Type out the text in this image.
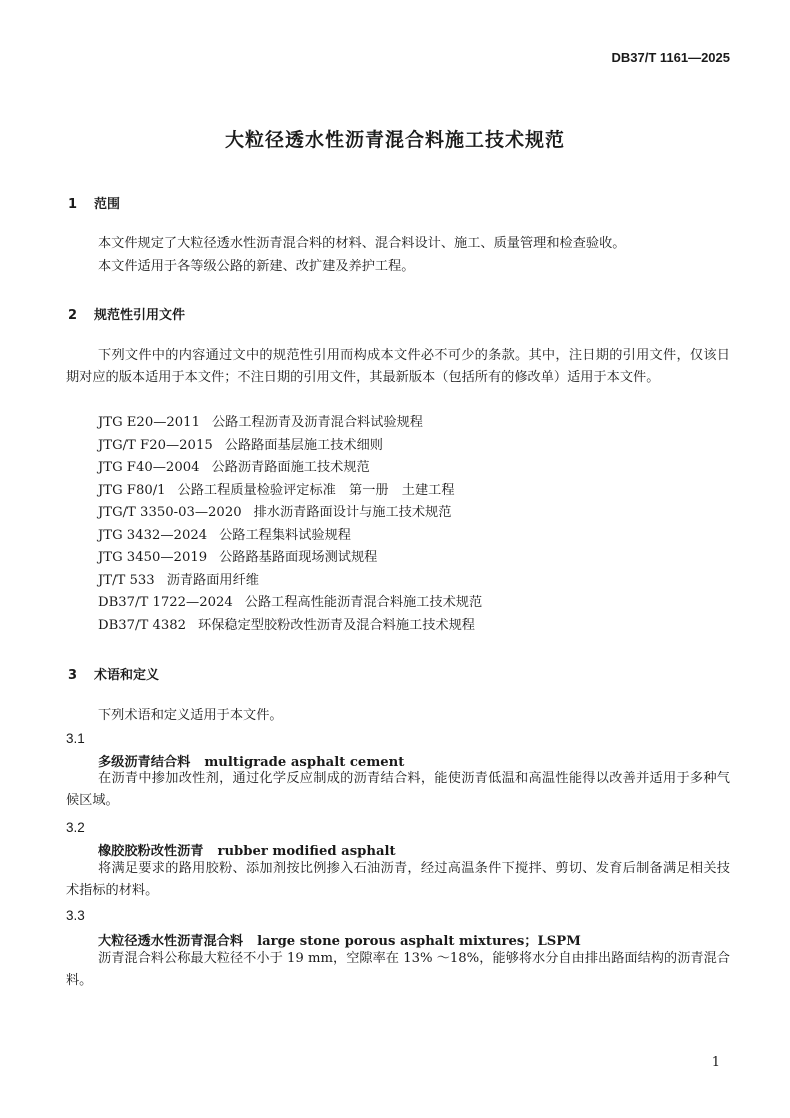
DB37/T 1161—2025
大粒径透水性沥青混合料施工技术规范
1 范围
本文件规定了大粒径透水性沥青混合料的材料、混合料设计、施工、质量管理和检查验收。
本文件适用于各等级公路的新建、改扩建及养护工程。
2 规范性引用文件
下列文件中的内容通过文中的规范性引用而构成本文件必不可少的条款。其中，注日期的引用文件，仅该日期对应的版本适用于本文件；不注日期的引用文件，其最新版本（包括所有的修改单）适用于本文件。
JTG E20—2011 公路工程沥青及沥青混合料试验规程
JTG/T F20—2015 公路路面基层施工技术细则
JTG F40—2004 公路沥青路面施工技术规范
JTG F80/1 公路工程质量检验评定标准　第一册　土建工程
JTG/T 3350-03—2020 排水沥青路面设计与施工技术规范
JTG 3432—2024 公路工程集料试验规程
JTG 3450—2019 公路路基路面现场测试规程
JT/T 533 沥青路面用纤维
DB37/T 1722—2024 公路工程高性能沥青混合料施工技术规范
DB37/T 4382 环保稳定型胶粉改性沥青及混合料施工技术规程
3 术语和定义
下列术语和定义适用于本文件。
3.1
多级沥青结合料 multigrade asphalt cement
在沥青中掺加改性剂，通过化学反应制成的沥青结合料，能使沥青低温和高温性能得以改善并适用于多种气候区域。
3.2
橡胶胶粉改性沥青 rubber modified asphalt
将满足要求的路用胶粉、添加剂按比例掺入石油沥青，经过高温条件下搅拌、剪切、发育后制备满足相关技术指标的材料。
3.3
大粒径透水性沥青混合料 large stone porous asphalt mixtures；LSPM
沥青混合料公称最大粒径不小于 19 mm，空隙率在 13% ～18%，能够将水分自由排出路面结构的沥青混合料。
1
